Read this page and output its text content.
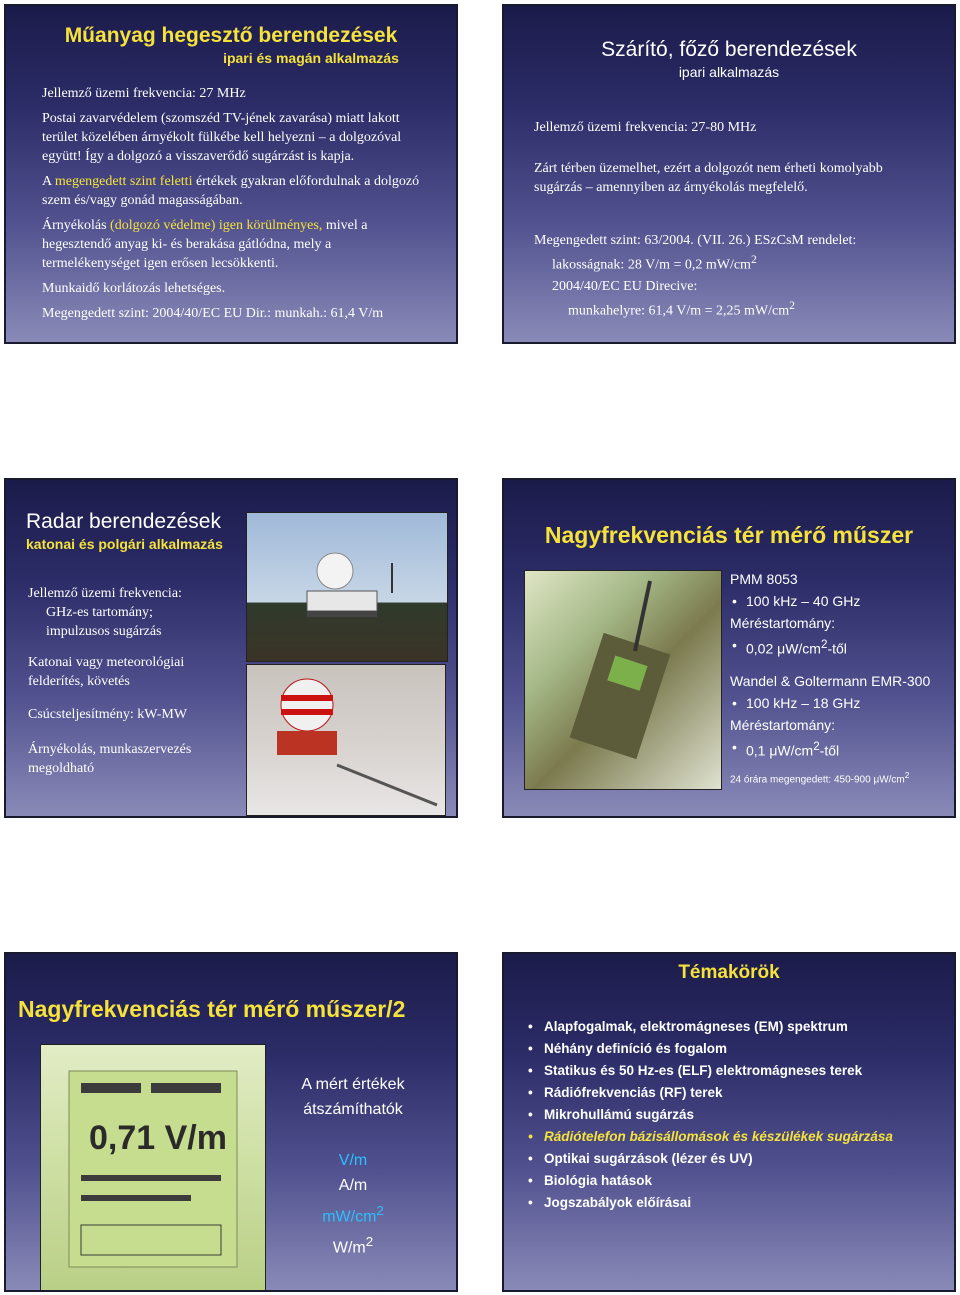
Műanyag hegesztő berendezések
ipari és magán alkalmazás

Jellemző üzemi frekvencia: 27 MHz

Postai zavarvédelem (szomszéd TV-jének zavarása) miatt lakott terület közelében árnyékolt fülkébe kell helyezni – a dolgozóval együtt! Így a dolgozó a visszaverődő sugárzást is kapja.

A megengedett szint feletti értékek gyakran előfordulnak a dolgozó szem és/vagy gonád magasságában.

Árnyékolás (dolgozó védelme) igen körülményes, mivel a hegesztendő anyag ki- és berakása gátlódna, mely a termelékenységet igen erősen lecsökkenti.

Munkaidő korlátozás lehetséges.

Megengedett szint: 2004/40/EC EU Dir.: munkah.: 61,4 V/m

Szárító, főző berendezések
ipari alkalmazás

Jellemző üzemi frekvencia: 27-80 MHz

Zárt térben üzemelhet, ezért a dolgozót nem érheti komolyabb sugárzás – amennyiben az árnyékolás megfelelő.

Megengedett szint: 63/2004. (VII. 26.) ESzCsM rendelet:

lakosságnak: 28 V/m = 0,2 $mW/cm^2$

2004/40/EC EU Direcive:

munkahelyre: 61,4 V/m = 2,25 $mW/cm^2$

Radar berendezések
katonai és polgári alkalmazás

Jellemző üzemi frekvencia:

GHz-es tartomány;

impulzusos sugárzás

Katonai vagy meteorológiai felderítés, követés

Csúcsteljesítmény: kW-MW

Árnyékolás, munkaszervezés megoldható

Nagyfrekvenciás tér mérő műszer

PMM 8053

• 100 kHz – 40 GHz

Méréstartomány:

• 0,02 $\mu W/cm^2$-től

Wandel & Goltermann EMR-300

• 100 kHz – 18 GHz

Méréstartomány:

• 0,1 $\mu W/cm^2$-től

24 órára megengedett: 450-900 $\mu W/cm^2$
Nagyfrekvenciás tér mérő műszer/2
0,71 V/m

A mért értékek

átszámíthatók

V/m

A/m

$mW/cm^2$

$W/m^2$

Témakörök

• Alapfogalmak, elektromágneses (EM) spektrum

• Néhány definíció és fogalom

• Statikus és 50 Hz-es (ELF) elektromágneses terek

• Rádiófrekvenciás (RF) terek

• Mikrohullámú sugárzás

• Rádiótelefon bázisállomások és készülékek sugárzása

• Optikai sugárzások (lézer és UV)

• Biológia hatások

• Jogszabályok előírásai
